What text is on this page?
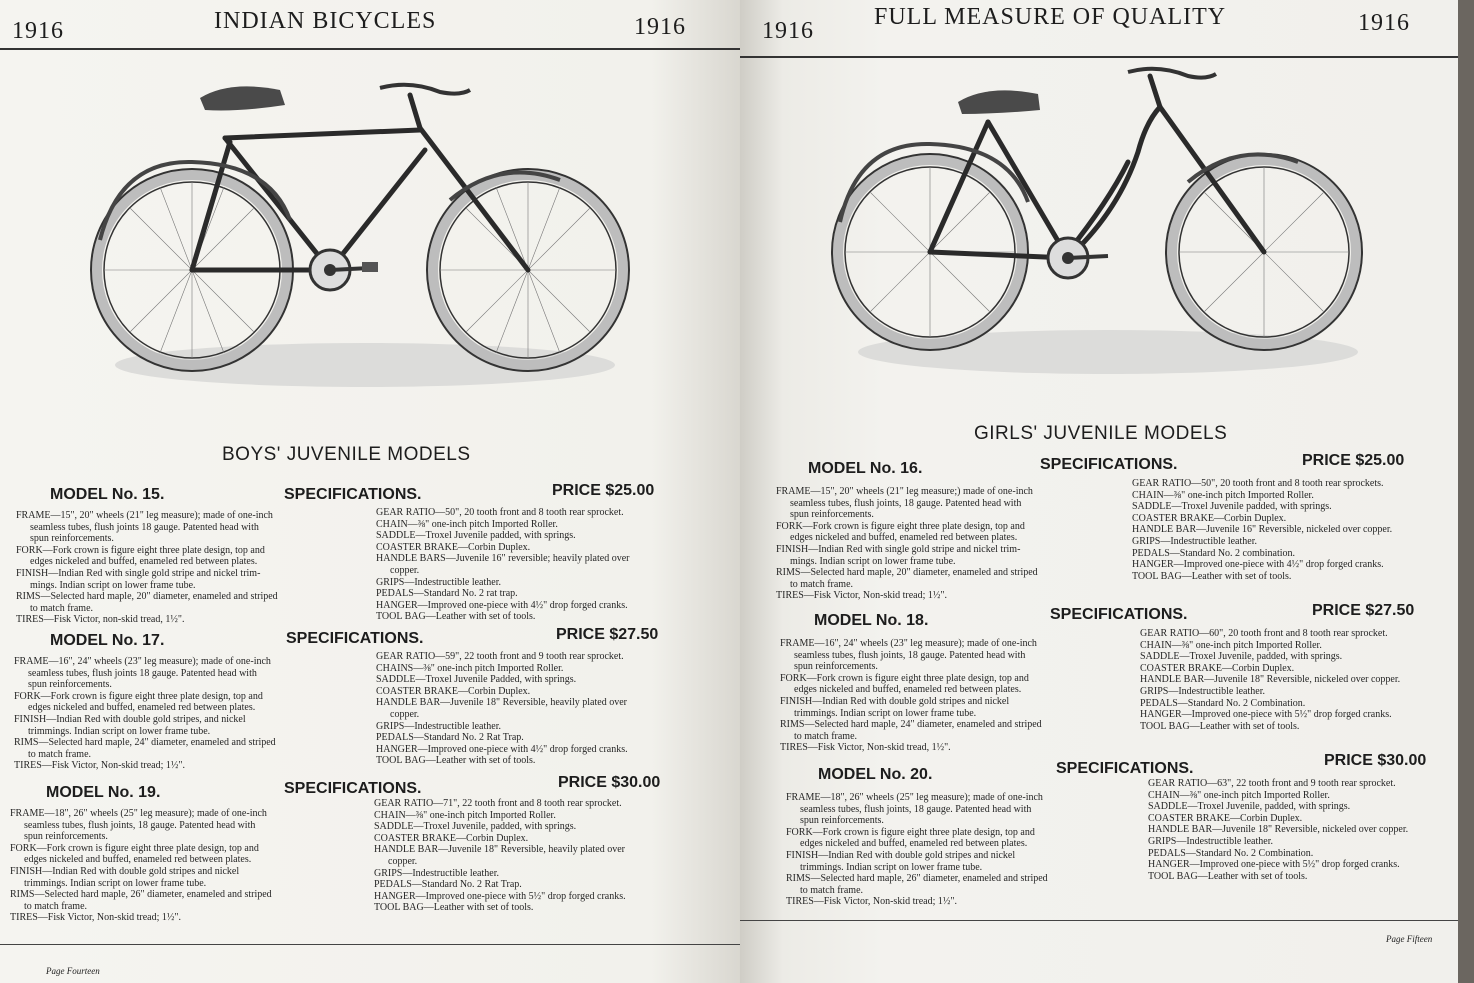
1916	INDIAN BICYCLES	1916
BOYS' JUVENILE MODELS
MODEL No. 15.	SPECIFICATIONS.	PRICE $25.00
FRAME—15", 20" wheels (21" leg measure); made of one-inch
seamless tubes, flush joints 18 gauge. Patented head with
spun reinforcements.
FORK—Fork crown is figure eight three plate design, top and
edges nickeled and buffed, enameled red between plates.
FINISH—Indian Red with single gold stripe and nickel trim-
mings. Indian script on lower frame tube.
RIMS—Selected hard maple, 20" diameter, enameled and striped
to match frame.
TIRES—Fisk Victor, non-skid tread, 1½".
GEAR RATIO—50", 20 tooth front and 8 tooth rear sprocket.
CHAIN—⅜" one-inch pitch Imported Roller.
SADDLE—Troxel Juvenile padded, with springs.
COASTER BRAKE—Corbin Duplex.
HANDLE BARS—Juvenile 16" reversible; heavily plated over
copper.
GRIPS—Indestructible leather.
PEDALS—Standard No. 2 rat trap.
HANGER—Improved one-piece with 4½" drop forged cranks.
TOOL BAG—Leather with set of tools.
MODEL No. 17.	SPECIFICATIONS.	PRICE $27.50
FRAME—16", 24" wheels (23" leg measure); made of one-inch
seamless tubes, flush joints 18 gauge. Patented head with
spun reinforcements.
FORK—Fork crown is figure eight three plate design, top and
edges nickeled and buffed, enameled red between plates.
FINISH—Indian Red with double gold stripes, and nickel
trimmings. Indian script on lower frame tube.
RIMS—Selected hard maple, 24" diameter, enameled and striped
to match frame.
TIRES—Fisk Victor, Non-skid tread; 1½".
GEAR RATIO—59", 22 tooth front and 9 tooth rear sprocket.
CHAINS—⅜" one-inch pitch Imported Roller.
SADDLE—Troxel Juvenile Padded, with springs.
COASTER BRAKE—Corbin Duplex.
HANDLE BAR—Juvenile 18" Reversible, heavily plated over
copper.
GRIPS—Indestructible leather.
PEDALS—Standard No. 2 Rat Trap.
HANGER—Improved one-piece with 4½" drop forged cranks.
TOOL BAG—Leather with set of tools.
MODEL No. 19.	SPECIFICATIONS.	PRICE $30.00
FRAME—18", 26" wheels (25" leg measure); made of one-inch
seamless tubes, flush joints, 18 gauge. Patented head with
spun reinforcements.
FORK—Fork crown is figure eight three plate design, top and
edges nickeled and buffed, enameled red between plates.
FINISH—Indian Red with double gold stripes and nickel
trimmings. Indian script on lower frame tube.
RIMS—Selected hard maple, 26" diameter, enameled and striped
to match frame.
TIRES—Fisk Victor, Non-skid tread; 1½".
GEAR RATIO—71", 22 tooth front and 8 tooth rear sprocket.
CHAIN—⅜" one-inch pitch Imported Roller.
SADDLE—Troxel Juvenile, padded, with springs.
COASTER BRAKE—Corbin Duplex.
HANDLE BAR—Juvenile 18" Reversible, heavily plated over
copper.
GRIPS—Indestructible leather.
PEDALS—Standard No. 2 Rat Trap.
HANGER—Improved one-piece with 5½" drop forged cranks.
TOOL BAG—Leather with set of tools.
Page Fourteen
1916
FULL MEASURE OF QUALITY	1916
GIRLS' JUVENILE MODELS
MODEL No. 16.	SPECIFICATIONS.	PRICE $25.00
FRAME—15", 20" wheels (21" leg measure;) made of one-inch
seamless tubes, flush joints, 18 gauge. Patented head with
spun reinforcements.
FORK—Fork crown is figure eight three plate design, top and
edges nickeled and buffed, enameled red between plates.
FINISH—Indian Red with single gold stripe and nickel trim-
mings. Indian script on lower frame tube.
RIMS—Selected hard maple, 20" diameter, enameled and striped
to match frame.
TIRES—Fisk Victor, Non-skid tread; 1½".
GEAR RATIO—50", 20 tooth front and 8 tooth rear sprockets.
CHAIN—⅜" one-inch pitch Imported Roller.
SADDLE—Troxel Juvenile padded, with springs.
COASTER BRAKE—Corbin Duplex.
HANDLE BAR—Juvenile 16" Reversible, nickeled over copper.
GRIPS—Indestructible leather.
PEDALS—Standard No. 2 combination.
HANGER—Improved one-piece with 4½" drop forged cranks.
TOOL BAG—Leather with set of tools.
MODEL No. 18.	SPECIFICATIONS.	PRICE $27.50
FRAME—16", 24" wheels (23" leg measure); made of one-inch
seamless tubes, flush joints, 18 gauge. Patented head with
spun reinforcements.
FORK—Fork crown is figure eight three plate design, top and
edges nickeled and buffed, enameled red between plates.
FINISH—Indian Red with double gold stripes and nickel
trimmings. Indian script on lower frame tube.
RIMS—Selected hard maple, 24" diameter, enameled and striped
to match frame.
TIRES—Fisk Victor, Non-skid tread, 1½".
GEAR RATIO—60", 20 tooth front and 8 tooth rear sprocket.
CHAIN—⅜" one-inch pitch Imported Roller.
SADDLE—Troxel Juvenile, padded, with springs.
COASTER BRAKE—Corbin Duplex.
HANDLE BAR—Juvenile 18" Reversible, nickeled over copper.
GRIPS—Indestructible leather.
PEDALS—Standard No. 2 Combination.
HANGER—Improved one-piece with 5½" drop forged cranks.
TOOL BAG—Leather with set of tools.
MODEL No. 20.	SPECIFICATIONS.	PRICE $30.00
FRAME—18", 26" wheels (25" leg measure); made of one-inch
seamless tubes, flush joints, 18 gauge. Patented head with
spun reinforcements.
FORK—Fork crown is figure eight three plate design, top and
edges nickeled and buffed, enameled red between plates.
FINISH—Indian Red with double gold stripes and nickel
trimmings. Indian script on lower frame tube.
RIMS—Selected hard maple, 26" diameter, enameled and striped
to match frame.
TIRES—Fisk Victor, Non-skid tread; 1½".
GEAR RATIO—63", 22 tooth front and 9 tooth rear sprocket.
CHAIN—⅜" one-inch pitch Imported Roller.
SADDLE—Troxel Juvenile, padded, with springs.
COASTER BRAKE—Corbin Duplex.
HANDLE BAR—Juvenile 18" Reversible, nickeled over copper.
GRIPS—Indestructible leather.
PEDALS—Standard No. 2 Combination.
HANGER—Improved one-piece with 5½" drop forged cranks.
TOOL BAG—Leather with set of tools.
Page Fifteen
